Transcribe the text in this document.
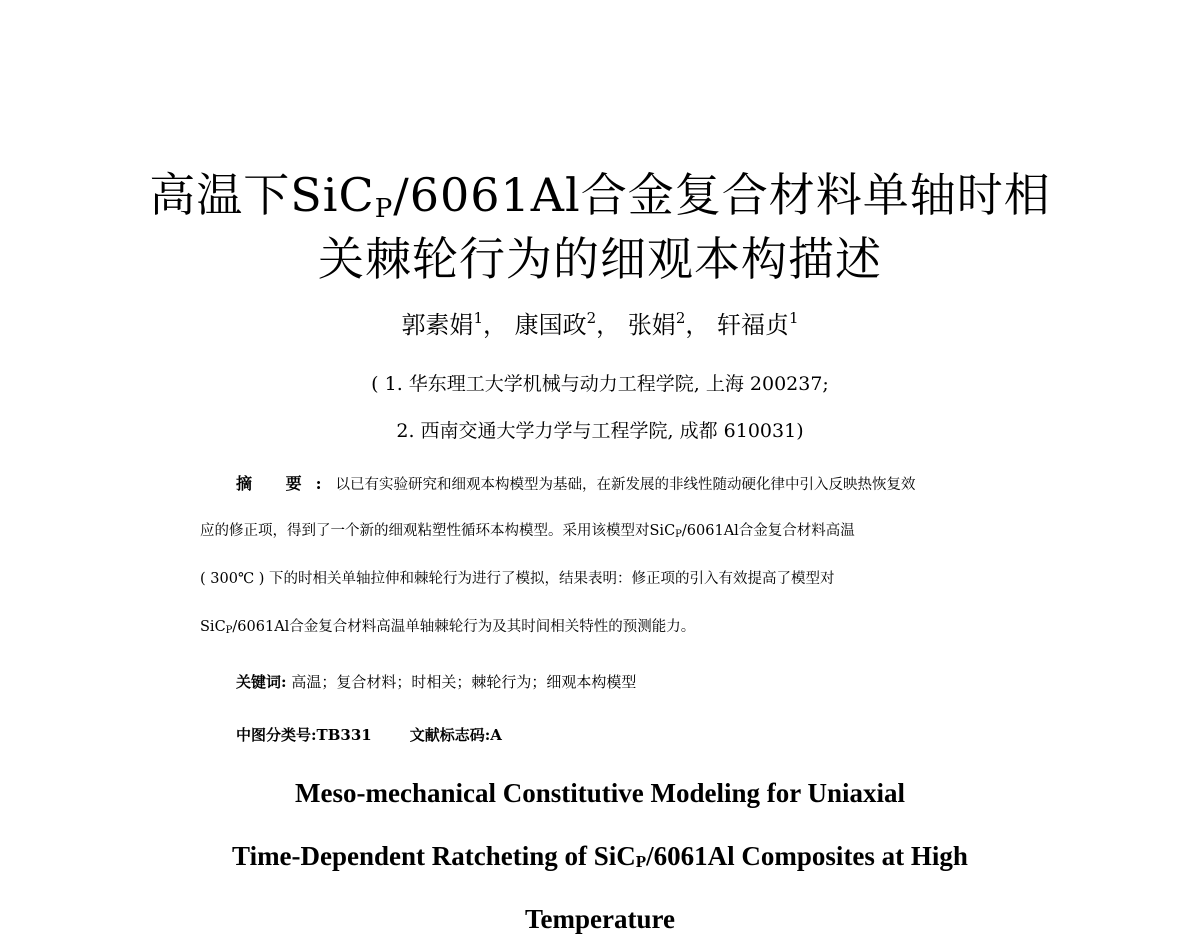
高温下SiC$_P$/6061Al合金复合材料单轴时相
关棘轮行为的细观本构描述
郭素娟$^1$， 康国政$^2$， 张娟$^2$， 轩福贞$^1$
( 1. 华东理工大学机械与动力工程学院, 上海 200237;
2. 西南交通大学力学与工程学院, 成都 610031)
摘 要:以已有实验研究和细观本构模型为基础，在新发展的非线性随动硬化律中引入反映热恢复效
应的修正项，得到了一个新的细观粘塑性循环本构模型。采用该模型对SiC$_P$/6061Al合金复合材料高温
( 300℃ ) 下的时相关单轴拉伸和棘轮行为进行了模拟，结果表明：修正项的引入有效提高了模型对
SiC$_P$/6061Al合金复合材料高温单轴棘轮行为及其时间相关特性的预测能力。
关键词: 高温；复合材料；时相关；棘轮行为；细观本构模型
中图分类号:TB331	文献标志码:A
Meso-mechanical Constitutive Modeling for Uniaxial
Time-Dependent Ratcheting of SiCP/6061Al Composites at High
Temperature
